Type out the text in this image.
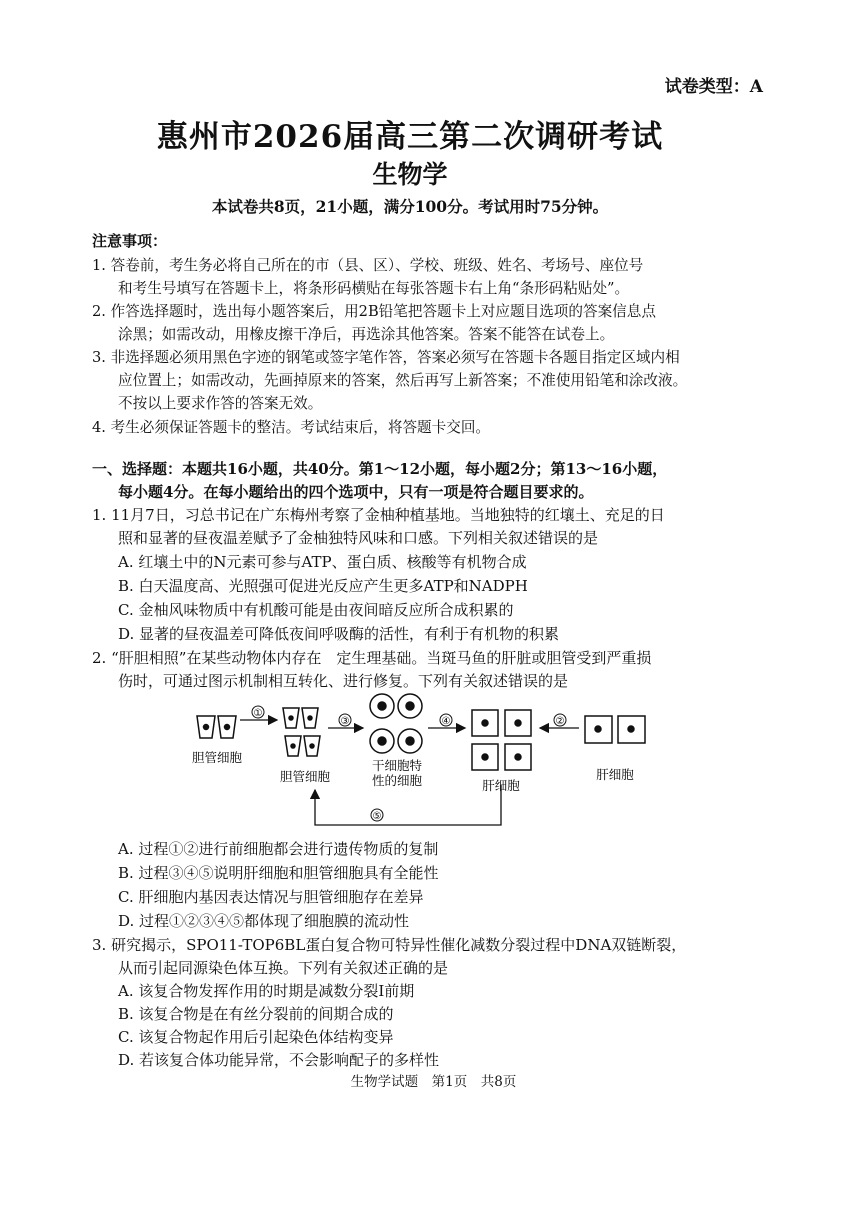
试卷类型：A
惠州市2026届高三第二次调研考试
生物学
本试卷共8页，21小题，满分100分。考试用时75分钟。
注意事项：
1. 答卷前，考生务必将自己所在的市（县、区）、学校、班级、姓名、考场号、座位号
和考生号填写在答题卡上，将条形码横贴在每张答题卡右上角“条形码粘贴处”。
2. 作答选择题时，选出每小题答案后，用2B铅笔把答题卡上对应题目选项的答案信息点
涂黑；如需改动，用橡皮擦干净后，再选涂其他答案。答案不能答在试卷上。
3. 非选择题必须用黑色字迹的钢笔或签字笔作答，答案必须写在答题卡各题目指定区域内相
应位置上；如需改动，先画掉原来的答案，然后再写上新答案；不准使用铅笔和涂改液。
不按以上要求作答的答案无效。
4. 考生必须保证答题卡的整洁。考试结束后，将答题卡交回。
一、选择题：本题共16小题，共40分。第1～12小题，每小题2分；第13～16小题，
每小题4分。在每小题给出的四个选项中，只有一项是符合题目要求的。
1. 11月7日，习总书记在广东梅州考察了金柚种植基地。当地独特的红壤土、充足的日
照和显著的昼夜温差赋予了金柚独特风味和口感。下列相关叙述错误的是
A. 红壤土中的N元素可参与ATP、蛋白质、核酸等有机物合成
B. 白天温度高、光照强可促进光反应产生更多ATP和NADPH
C. 金柚风味物质中有机酸可能是由夜间暗反应所合成积累的
D. 显著的昼夜温差可降低夜间呼吸酶的活性，有利于有机物的积累
2. “肝胆相照”在某些动物体内存在　定生理基础。当斑马鱼的肝脏或胆管受到严重损
伤时，可通过图示机制相互转化、进行修复。下列有关叙述错误的是
①
③	④	②
⑤
胆管细胞
胆管细胞
干细胞特
性的细胞	肝细胞
肝细胞
A. 过程①②进行前细胞都会进行遗传物质的复制
B. 过程③④⑤说明肝细胞和胆管细胞具有全能性
C. 肝细胞内基因表达情况与胆管细胞存在差异
D. 过程①②③④⑤都体现了细胞膜的流动性
3. 研究揭示，SPO11-TOP6BL蛋白复合物可特异性催化减数分裂过程中DNA双链断裂，
从而引起同源染色体互换。下列有关叙述正确的是
A. 该复合物发挥作用的时期是减数分裂Ⅰ前期
B. 该复合物是在有丝分裂前的间期合成的
C. 该复合物起作用后引起染色体结构变异
D. 若该复合体功能异常，不会影响配子的多样性
生物学试题　第1页　共8页
